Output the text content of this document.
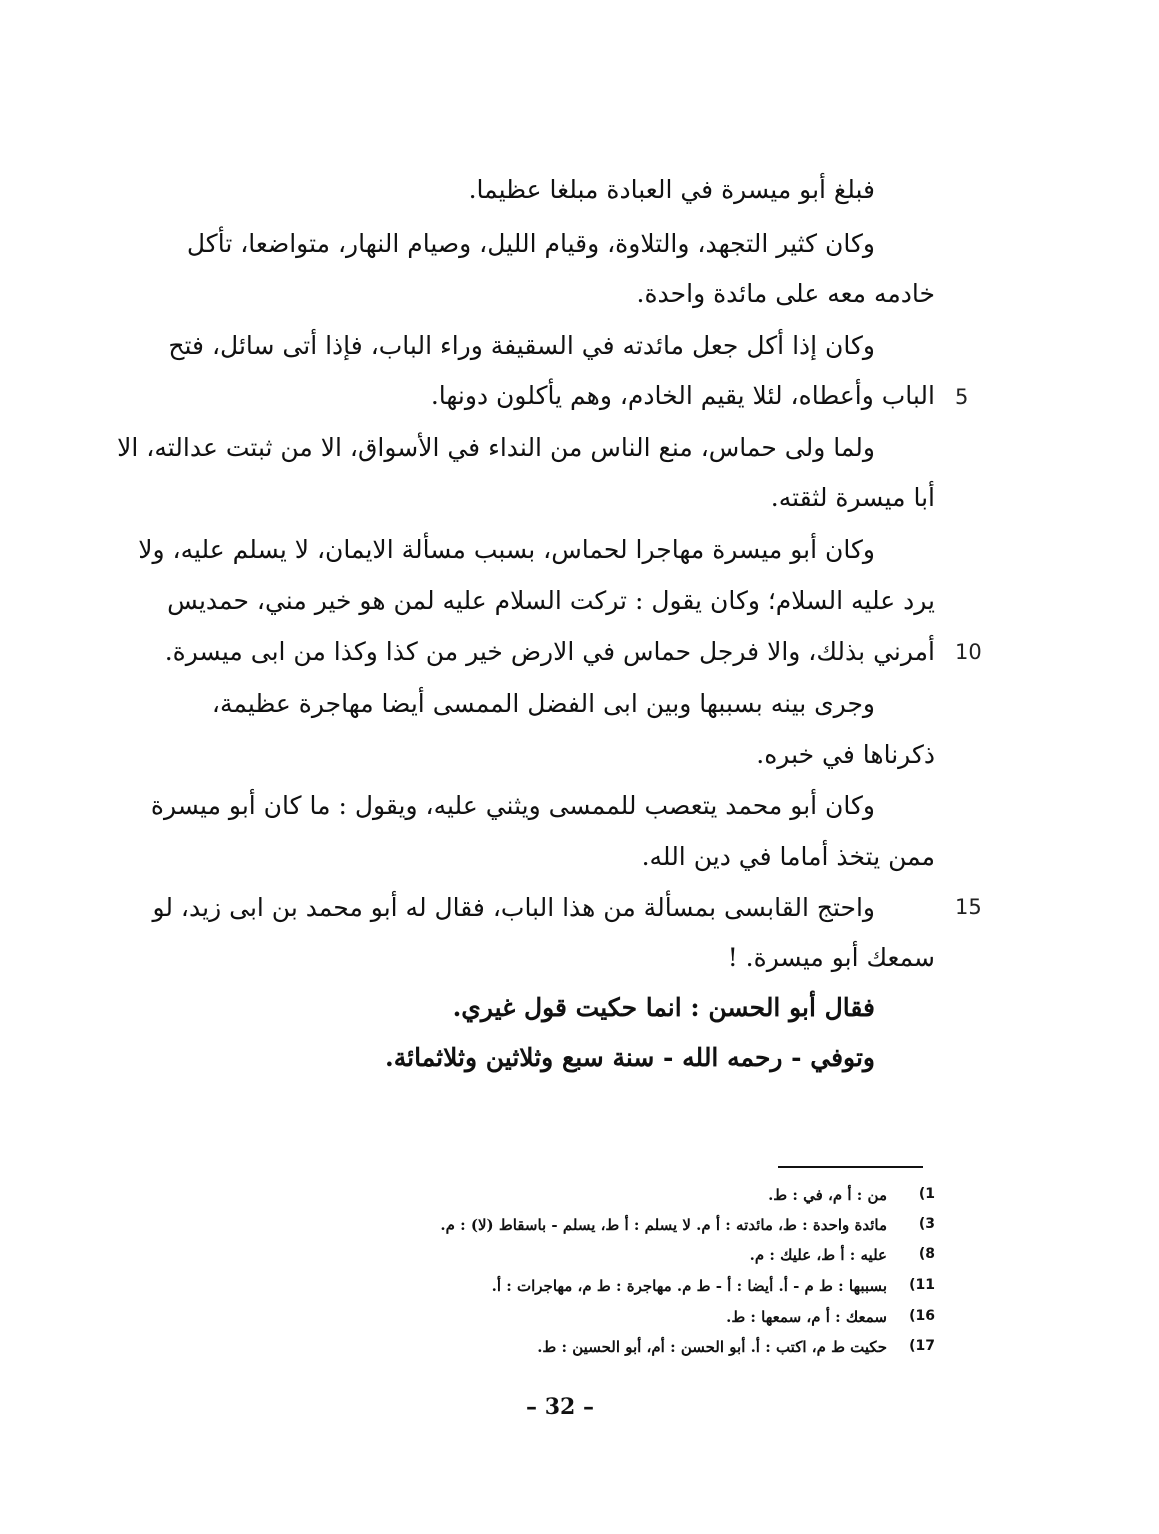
فبلغ أبو ميسرة في العبادة مبلغا عظيما.
وكان كثير التجهد، والتلاوة، وقيام الليل، وصيام النهار، متواضعا، تأكل
خادمه معه على مائدة واحدة.
وكان إذا أكل جعل مائدته في السقيفة وراء الباب، فإذا أتى سائل، فتح
الباب وأعطاه، لئلا يقيم الخادم، وهم يأكلون دونها.
ولما ولى حماس، منع الناس من النداء في الأسواق، الا من ثبتت عدالته، الا
أبا ميسرة لثقته.
وكان أبو ميسرة مهاجرا لحماس، بسبب مسألة الايمان، لا يسلم عليه، ولا
يرد عليه السلام؛ وكان يقول : تركت السلام عليه لمن هو خير مني، حمديس
أمرني بذلك، والا فرجل حماس في الارض خير من كذا وكذا من ابى ميسرة.
وجرى بينه بسببها وبين ابى الفضل الممسى أيضا مهاجرة عظيمة،
ذكرناها في خبره.
وكان أبو محمد يتعصب للممسى ويثني عليه، ويقول : ما كان أبو ميسرة
ممن يتخذ أماما في دين الله.
واحتج القابسى بمسألة من هذا الباب، فقال له أبو محمد بن ابى زيد، لو
سمعك أبو ميسرة. !
فقال أبو الحسن : انما حكيت قول غيري.
وتوفي - رحمه الله - سنة سبع وثلاثين وثلاثمائة.
5
10
15
1)
من : أ م، في : ط.
3)
مائدة واحدة : ط، مائدته : أ م. لا يسلم : أ ط، يسلم - باسقاط (لا) : م.
8)
عليه : أ ط، عليك : م.
11)
بسببها : ط م - أ. أيضا : أ - ط م. مهاجرة : ط م، مهاجرات : أ.
16)
سمعك : أ م، سمعها : ط.
17)
حكيت ط م، اكتب : أ. أبو الحسن : أم، أبو الحسين : ط.
– 32 –
